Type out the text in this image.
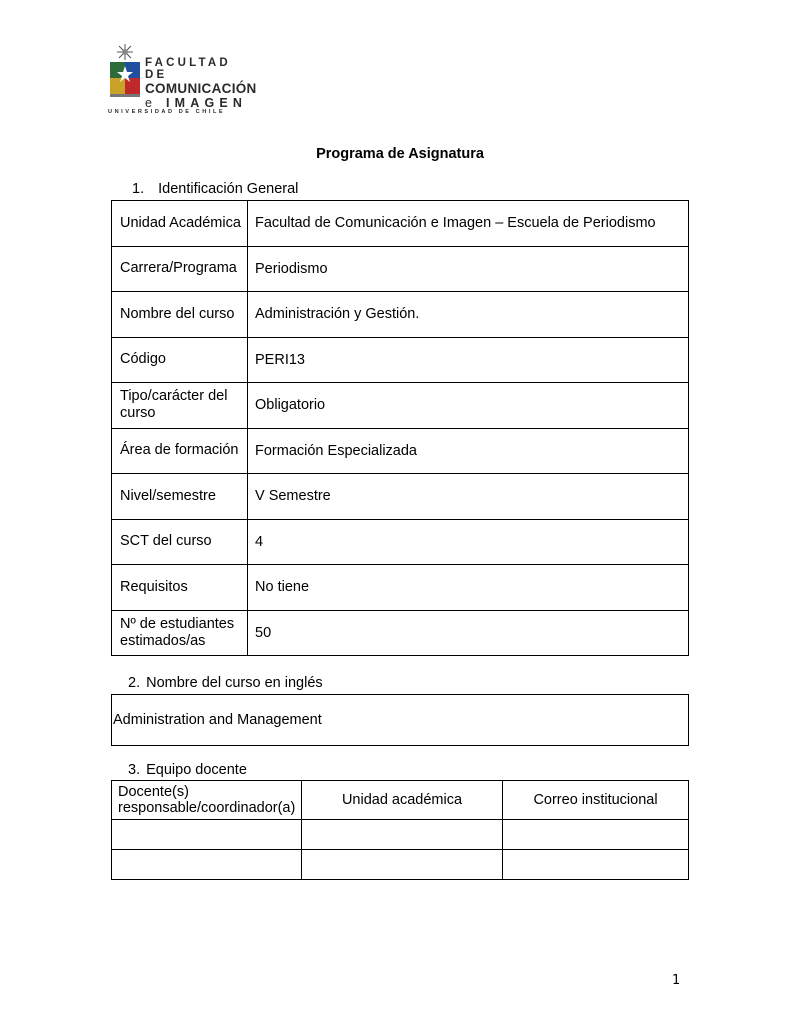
FACULTAD DE
COMUNICACIÓN
e IMAGEN
UNIVERSIDAD DE CHILE
Programa de Asignatura
1. Identificación General
Unidad Académica	Facultad de Comunicación e Imagen – Escuela de Periodismo
Carrera/Programa	Periodismo
Nombre del curso	Administración y Gestión.
Código	PERI13
Tipo/carácter del curso	Obligatorio
Área de formación	Formación Especializada
Nivel/semestre	V Semestre
SCT del curso	4
Requisitos	No tiene
Nº de estudiantes estimados/as	50
2. Nombre del curso en inglés
Administration and Management
3. Equipo docente
Docente(s) responsable/coordinador(a)	Unidad académica	Correo institucional

1
